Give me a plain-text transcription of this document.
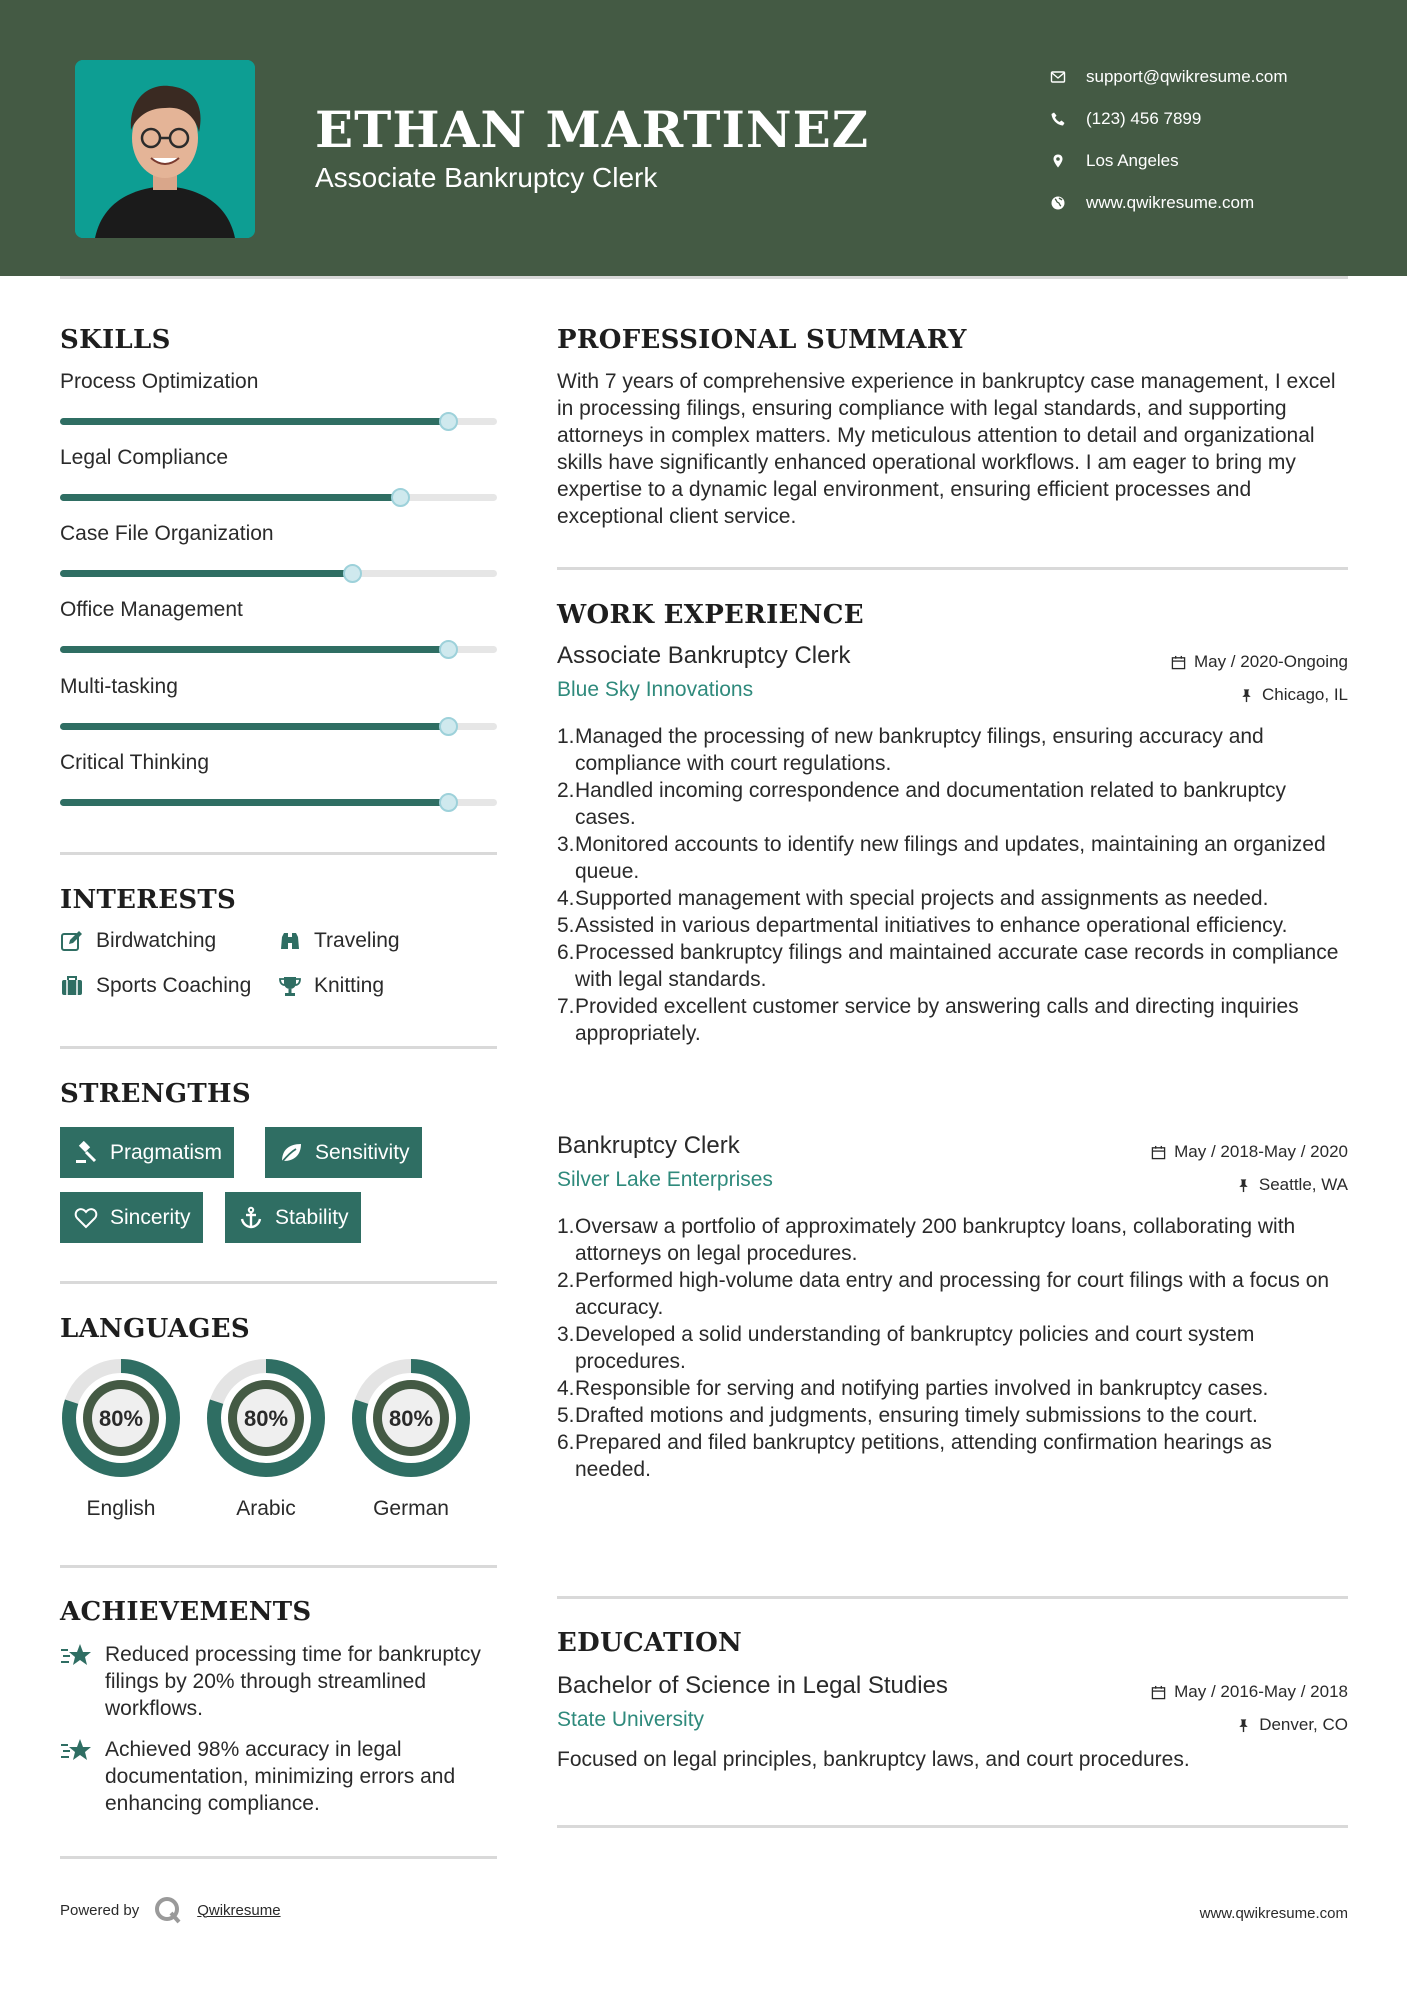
ETHAN MARTINEZ
Associate Bankruptcy Clerk
support@qwikresume.com
(123) 456 7899
Los Angeles
www.qwikresume.com
SKILLS
Process Optimization
Legal Compliance
Case File Organization
Office Management
Multi-tasking
Critical Thinking
INTERESTS
Birdwatching	Traveling
Sports Coaching	Knitting
STRENGTHS
Pragmatism	Sensitivity
Sincerity	Stability
LANGUAGES
80%
English
80%
Arabic
80%
German
ACHIEVEMENTS
Reduced processing time for bankruptcy filings by 20% through streamlined workflows.
Achieved 98% accuracy in legal documentation, minimizing errors and enhancing compliance.
PROFESSIONAL SUMMARY
With 7 years of comprehensive experience in bankruptcy case management, I excel in processing filings, ensuring compliance with legal standards, and supporting attorneys in complex matters. My meticulous attention to detail and organizational skills have significantly enhanced operational workflows. I am eager to bring my expertise to a dynamic legal environment, ensuring efficient processes and exceptional client service.
WORK EXPERIENCE
Associate Bankruptcy Clerk	May / 2020-Ongoing
Blue Sky Innovations	Chicago, IL
1. Managed the processing of new bankruptcy filings, ensuring accuracy and compliance with court regulations.
2. Handled incoming correspondence and documentation related to bankruptcy cases.
3. Monitored accounts to identify new filings and updates, maintaining an organized queue.
4. Supported management with special projects and assignments as needed.
5. Assisted in various departmental initiatives to enhance operational efficiency.
6. Processed bankruptcy filings and maintained accurate case records in compliance with legal standards.
7. Provided excellent customer service by answering calls and directing inquiries appropriately.
Bankruptcy Clerk	May / 2018-May / 2020
Silver Lake Enterprises	Seattle, WA
1. Oversaw a portfolio of approximately 200 bankruptcy loans, collaborating with attorneys on legal procedures.
2. Performed high-volume data entry and processing for court filings with a focus on accuracy.
3. Developed a solid understanding of bankruptcy policies and court system procedures.
4. Responsible for serving and notifying parties involved in bankruptcy cases.
5. Drafted motions and judgments, ensuring timely submissions to the court.
6. Prepared and filed bankruptcy petitions, attending confirmation hearings as needed.
EDUCATION
Bachelor of Science in Legal Studies	May / 2016-May / 2018
State University	Denver, CO
Focused on legal principles, bankruptcy laws, and court procedures.
Powered by	Qwikresume	www.qwikresume.com
